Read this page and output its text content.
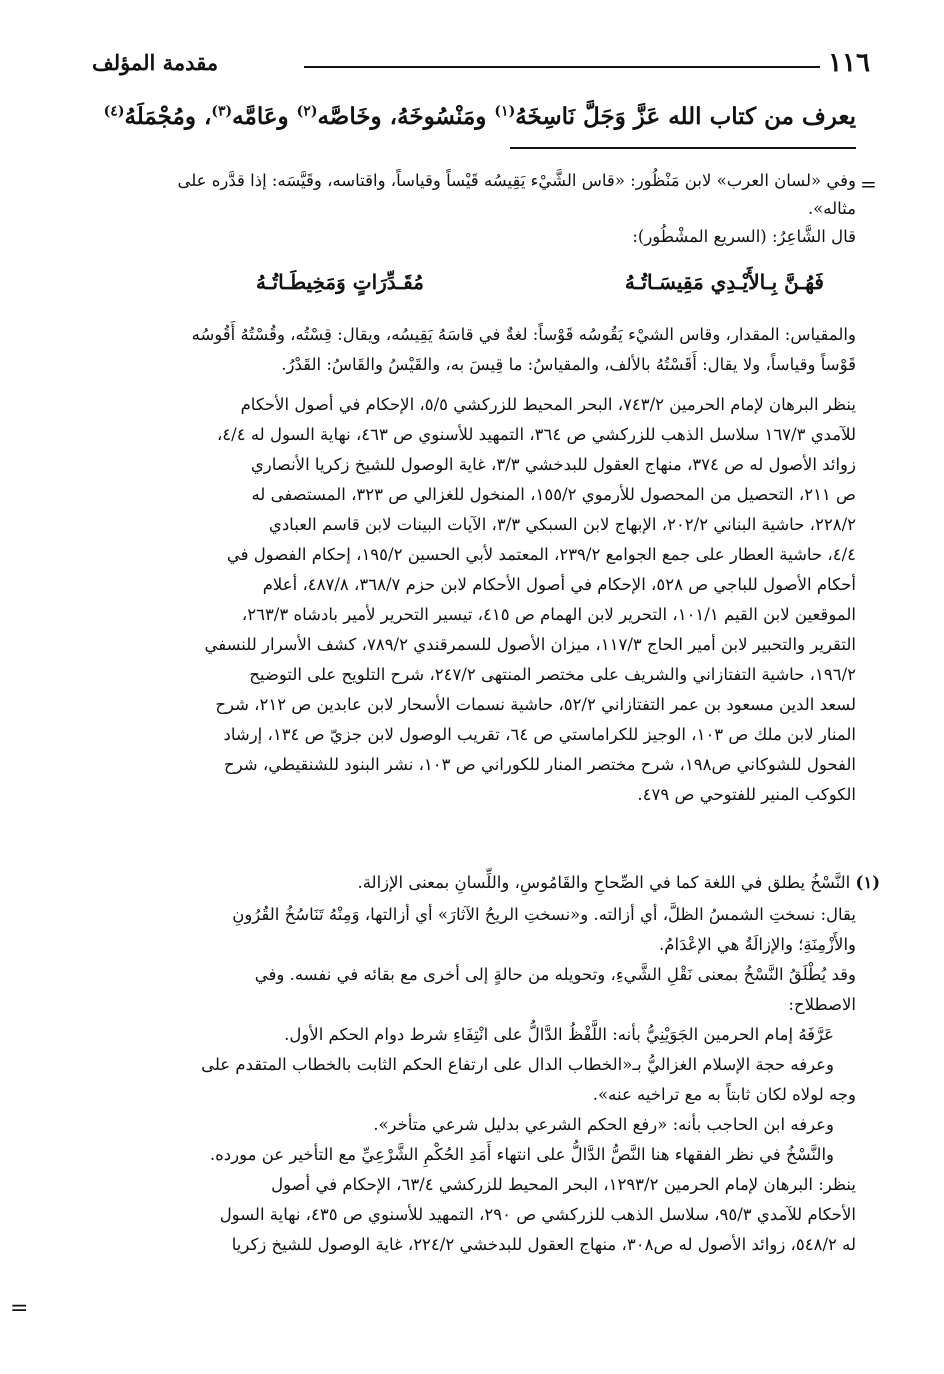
١١٦
مقدمة المؤلف
يعرف من كتاب الله عَزَّ وَجَلَّ نَاسِخَهُ$^{(١)}$ ومَنْسُوخَهُ، وخَاصَّه$^{(٢)}$ وعَامَّه$^{(٣)}$، ومُجْمَلَهُ$^{(٤)}$
=

وفي «لسان العرب» لابن مَنْظُور: «قاس الشَّيْء يَقِيسُه قَيْساً وقياساً، واقتاسه، وقَيَّسَه: إذا قدَّره على

مثاله».

قال الشَّاعِرُ: (السريع المشْطُور):

فَهُـنَّ بِـالأَيْـدِي مَقِيسَـاتُـهُ
مُقَـدِّرَاتٍ وَمَخِيطَـاتُـهُ

والمقياس: المقدار، وقاس الشيْء يَقُوسُه قَوْساً: لغةٌ في قاسَهُ يَقِيسُه، ويقال: قِسْتُه، وقُسْتُهُ أَقُوسُه

قَوْساً وقياساً، ولا يقال: أَقَسْتُهُ بالألف، والمقياسُ: ما قِيسَ به، والقَيْسُ والقَاسُ: القَدْرُ.

ينظر البرهان لإمام الحرمين ٧٤٣/٢، البحر المحيط للزركشي ٥/٥، الإحكام في أصول الأحكام

للآمدي ١٦٧/٣ سلاسل الذهب للزركشي ص ٣٦٤، التمهيد للأسنوي ص ٤٦٣، نهاية السول له ٤/٤،

زوائد الأصول له ص ٣٧٤، منهاج العقول للبدخشي ٣/٣، غاية الوصول للشيخ زكريا الأنصاري

ص ٢١١، التحصيل من المحصول للأرموي ١٥٥/٢، المنخول للغزالي ص ٣٢٣، المستصفى له

٢٢٨/٢، حاشية البناني ٢٠٢/٢، الإبهاج لابن السبكي ٣/٣، الآيات البينات لابن قاسم العبادي

٤/٤، حاشية العطار على جمع الجوامع ٢٣٩/٢، المعتمد لأبي الحسين ١٩٥/٢، إحكام الفصول في

أحكام الأصول للباجي ص ٥٢٨، الإحكام في أصول الأحكام لابن حزم ٣٦٨/٧، ٤٨٧/٨، أعلام

الموقعين لابن القيم ١٠١/١، التحرير لابن الهمام ص ٤١٥، تيسير التحرير لأمير بادشاه ٢٦٣/٣،

التقرير والتحبير لابن أمير الحاج ١١٧/٣، ميزان الأصول للسمرقندي ٧٨٩/٢، كشف الأسرار للنسفي

١٩٦/٢، حاشية التفتازاني والشريف على مختصر المنتهى ٢٤٧/٢، شرح التلويح على التوضيح

لسعد الدين مسعود بن عمر التفتازاني ٥٢/٢، حاشية نسمات الأسحار لابن عابدين ص ٢١٢، شرح

المنار لابن ملك ص ١٠٣، الوجيز للكراماستي ص ٦٤، تقريب الوصول لابن جزيّ ص ١٣٤، إرشاد

الفحول للشوكاني ص١٩٨، شرح مختصر المنار للكوراني ص ١٠٣، نشر البنود للشنقيطي، شرح

الكوكب المنير للفتوحي ص ٤٧٩.

(١) النَّسْخُ يطلق في اللغة كما في الصِّحاحِ والقَامُوسِ، واللِّسانِ بمعنى الإزالة.

يقال: نسختِ الشمسُ الظلَّ، أي أزالته. و«نسختِ الريحُ الآثارَ» أي أزالتها، وَمِنْهُ تَنَاسُخُ القُرُونِ

والأَزْمِنَةِ؛ والإزالَةُ هي الإعْدَامُ.

وقد يُطْلَقُ النَّسْخُ بمعنى نَقْلِ الشَّيءِ، وتحويله من حالةٍ إلى أخرى مع بقائه في نفسه. وفي

الاصطلاح:

عَرَّفَهُ إمام الحرمين الجَوَيْنِيُّ بأنه: اللَّفْظُ الدَّالُّ على انْتِفَاءِ شرط دوام الحكم الأول.

وعرفه حجة الإسلام الغزاليُّ بـ«الخطاب الدال على ارتفاع الحكم الثابت بالخطاب المتقدم على

وجه لولاه لكان ثابتاً به مع تراخيه عنه».

وعرفه ابن الحاجب بأنه: «رفع الحكم الشرعي بدليل شرعي متأخر».

والنَّسْخُ في نظر الفقهاء هنا النَّصُّ الدَّالُّ على انتهاء أَمَدِ الحُكْمِ الشَّرْعِيِّ مع التأخير عن مورده.

ينظر: البرهان لإمام الحرمين ١٢٩٣/٢، البحر المحيط للزركشي ٦٣/٤، الإحكام في أصول

الأحكام للآمدي ٩٥/٣، سلاسل الذهب للزركشي ص ٢٩٠، التمهيد للأسنوي ص ٤٣٥، نهاية السول

له ٥٤٨/٢، زوائد الأصول له ص٣٠٨، منهاج العقول للبدخشي ٢٢٤/٢، غاية الوصول للشيخ زكريا

=
